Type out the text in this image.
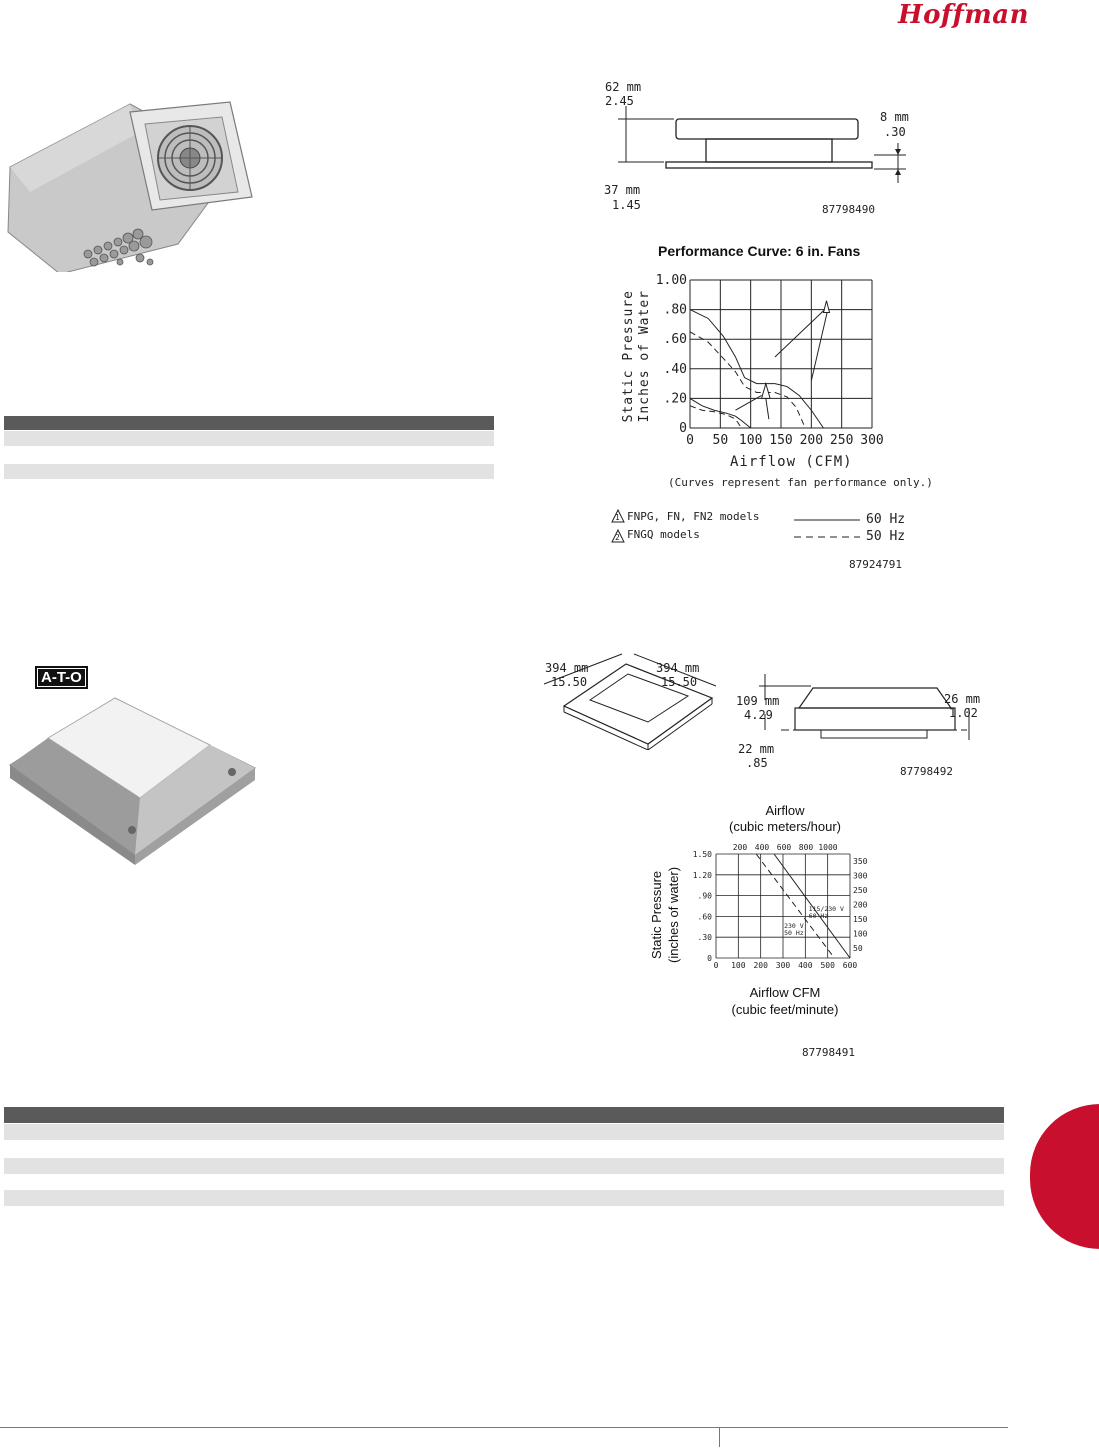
Hoffman
62 mm
2.45
8 mm
.30
37 mm
1.45	87798490
Performance Curve: 6 in. Fans
Static Pressure Inches of Water
0 50 100 150 200 250 300
0
.20
.40
.60
.80
1.00
Airflow (CFM)
(Curves represent fan performance only.)
1
2
FNPG, FN, FN2 models
FNGQ models
60 Hz
50 Hz
87924791
A-T-O
394 mm
15.50
394 mm
15.50
109 mm
4.29
26 mm
1.02
22 mm
.85
87798492
Airflow
(cubic meters/hour)
Static Pressure (inches of water)
0 100 200 300 400 500 600
0
.30
.60
.90
1.20
1.50
200 400 600 800 1000
50
100
150
200
250
300
350
115/230 V
60 Hz
230 V
50 Hz
Airflow CFM
(cubic feet/minute)
87798491
